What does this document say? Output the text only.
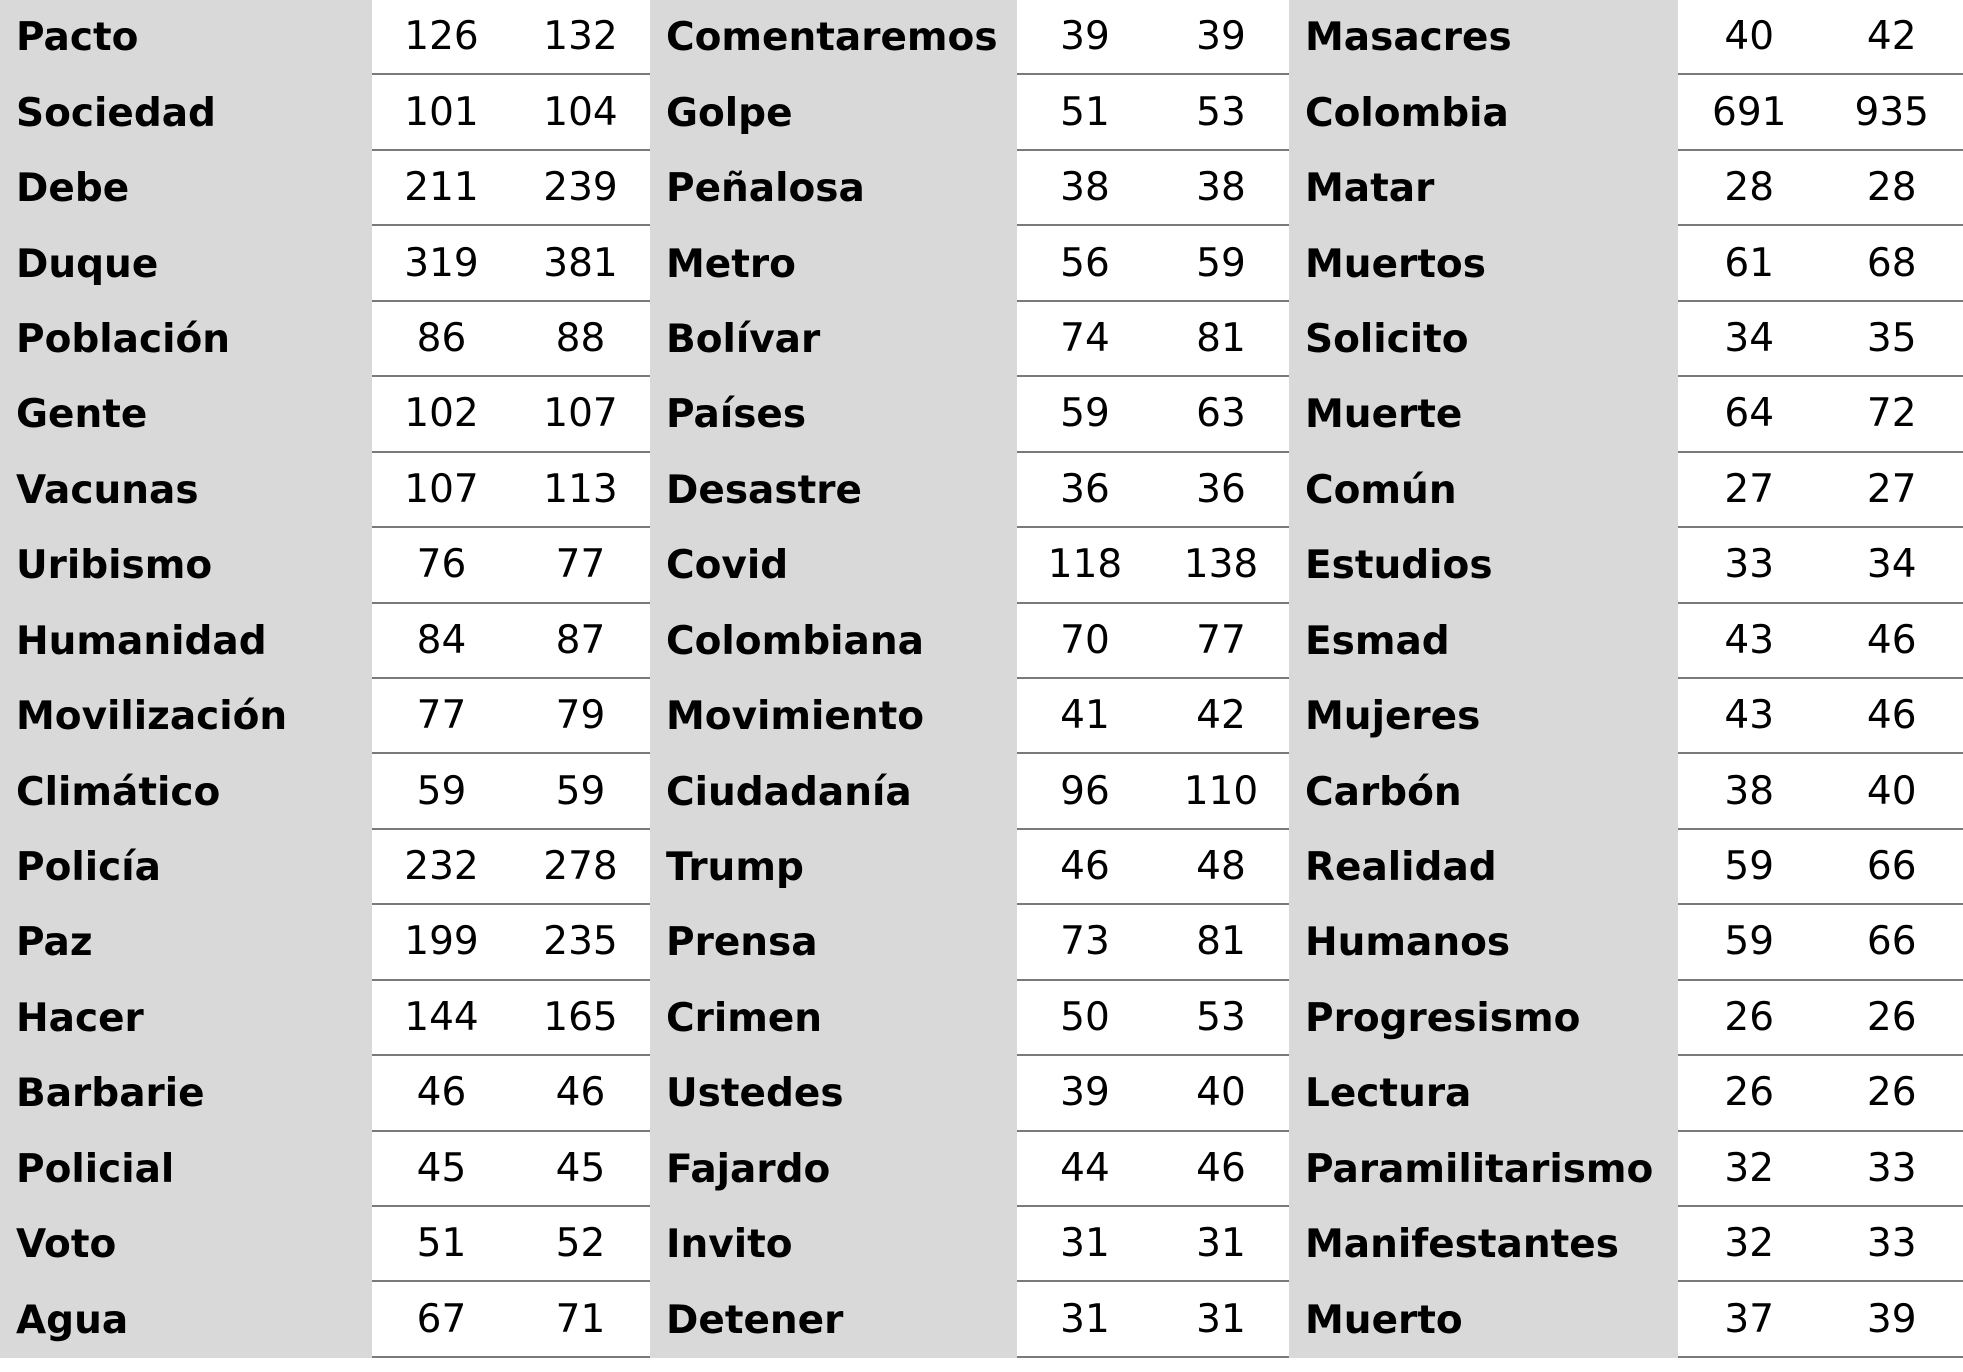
Pacto	126	132
Sociedad	101	104
Debe	211	239
Duque	319	381
Población	86	88
Gente	102	107
Vacunas	107	113
Uribismo	76	77
Humanidad	84	87
Movilización	77	79
Climático	59	59
Policía	232	278
Paz	199	235
Hacer	144	165
Barbarie	46	46
Policial	45	45
Voto	51	52
Agua	67	71
Comentaremos	39	39
Golpe	51	53
Peñalosa	38	38
Metro	56	59
Bolívar	74	81
Países	59	63
Desastre	36	36
Covid	118	138
Colombiana	70	77
Movimiento	41	42
Ciudadanía	96	110
Trump	46	48
Prensa	73	81
Crimen	50	53
Ustedes	39	40
Fajardo	44	46
Invito	31	31
Detener	31	31
Masacres	40	42
Colombia	691	935
Matar	28	28
Muertos	61	68
Solicito	34	35
Muerte	64	72
Común	27	27
Estudios	33	34
Esmad	43	46
Mujeres	43	46
Carbón	38	40
Realidad	59	66
Humanos	59	66
Progresismo	26	26
Lectura	26	26
Paramilitarismo	32	33
Manifestantes	32	33
Muerto	37	39
